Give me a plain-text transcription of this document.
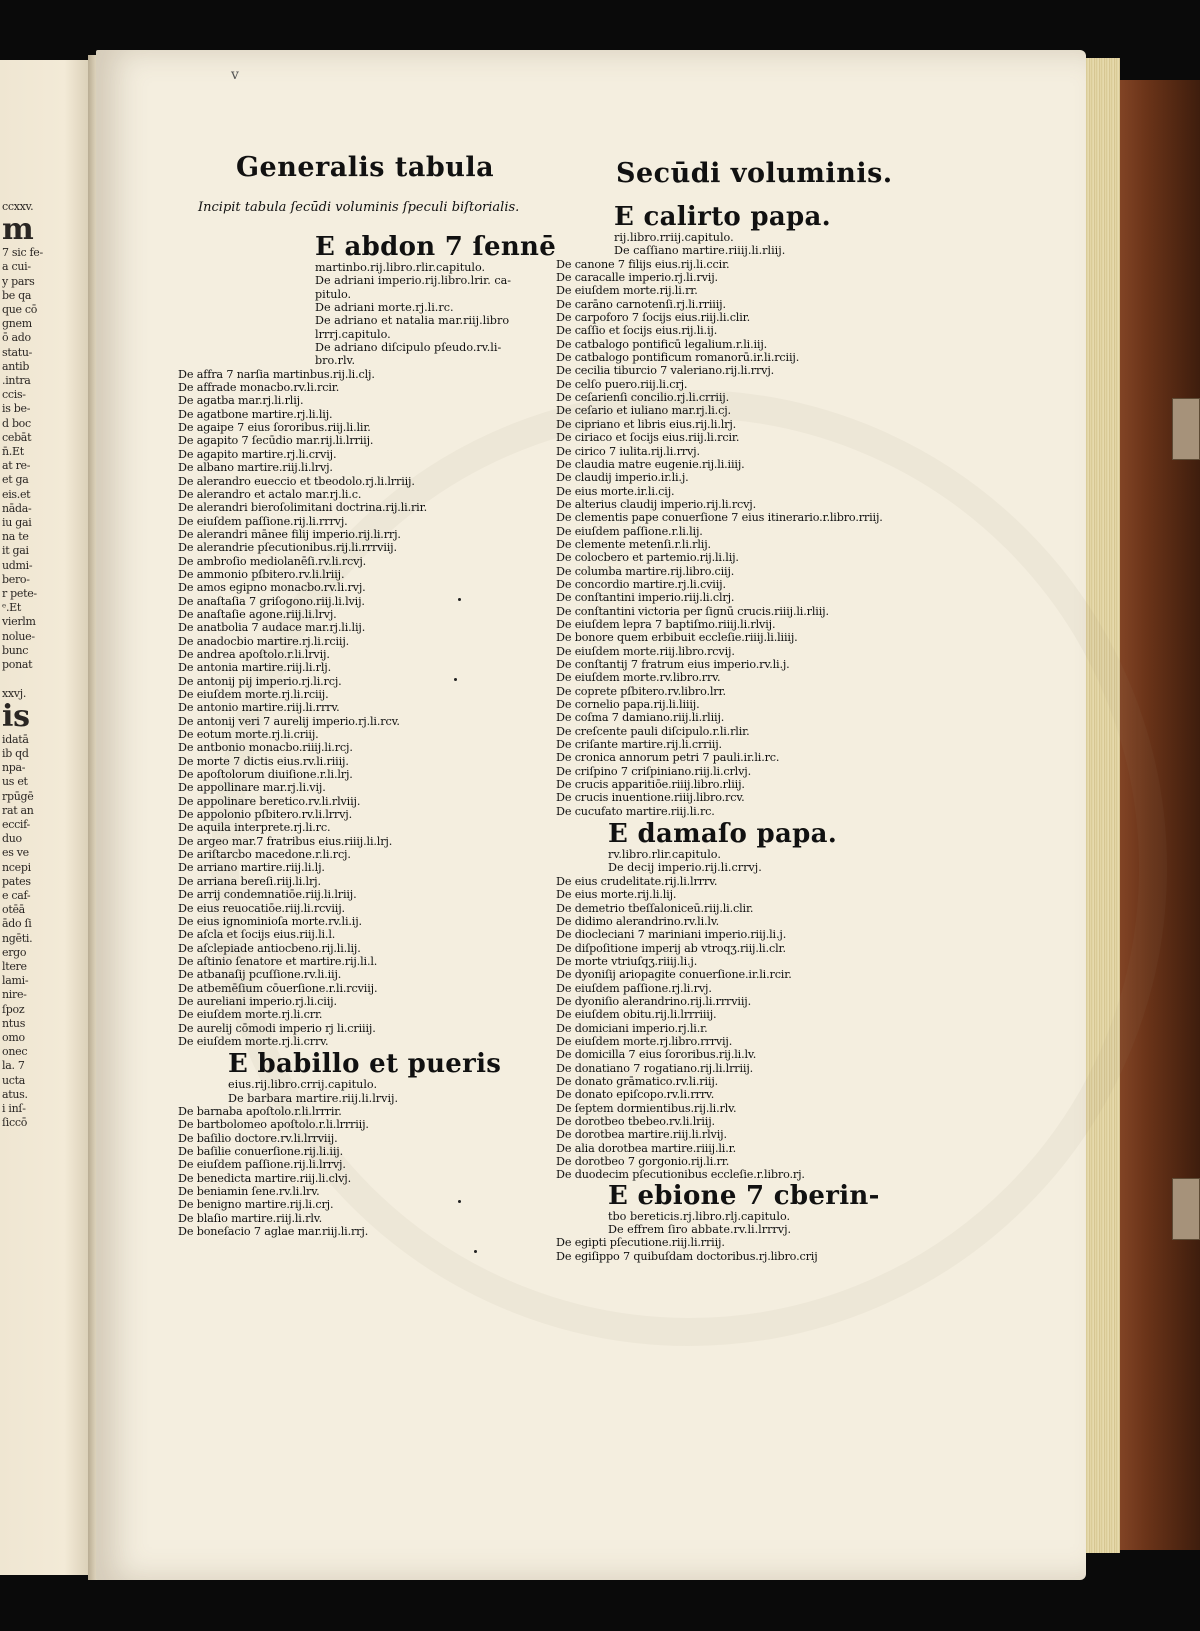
ccxxv.
m
7 sic fe-
a cui-
y pars
be qa
que cō
gnem
ō ado
statu-
antib
.intra
ccis-
is be-
d boc
cebāt
n̄.Et
at re-
et ga
eis.et
nāda-
iu gai
na te
it gai
udmi-
bero-
r pete-
ᵉ.Et
vierlm
nolue-
bunc
ponat

xxvj.
is
idatā
ib qd
npa-
us et
rpūgē
rat an
eccif-
duo
es ve
ncepi
pates
e caf-
otēā
ādo ſi
ngēti.
ergo
ltere
lami-
nire-
ſpoz
ntus
omo
onec
la. 7
ucta
atus.
i inſ-
ſiccō
v
Generalis tabula	Secūdi voluminis.
Incipit tabula ſecūdi voluminis ſpeculi biſtorialis.
E abdon 7 ſennē
martinbo.rij.libro.rlir.capitulo.
De adriani imperio.rij.libro.lrir. ca-
pitulo.
De adriani morte.rj.li.rc.
De adriano et natalia mar.riij.libro
lrrrj.capitulo.
De adriano diſcipulo pſeudo.rv.li-
bro.rlv.
De affra 7 narſia martinbus.rij.li.clj.
De affrade monacbo.rv.li.rcir.
De agatba mar.rj.li.rlij.
De agatbone martire.rj.li.lij.
De agaipe 7 eius ſororibus.riij.li.lir.
De agapito 7 ſecūdio mar.rij.li.lrriij.
De agapito martire.rj.li.crvij.
De albano martire.riij.li.lrvj.
De alerandro eueccio et tbeodolo.rj.li.lrriij.
De alerandro et actalo mar.rj.li.c.
De alerandri bieroſolimitani doctrina.rij.li.rir.
De eiuſdem paſſione.rij.li.rrrvj.
De alerandri mānee filij imperio.rij.li.rrj.
De alerandrie pſecutionibus.rij.li.rrrviij.
De ambroſio mediolanēſi.rv.li.rcvj.
De ammonio pſbitero.rv.li.lriij.
De amos egipno monacbo.rv.li.rvj.
De anaſtaſia 7 griſogono.riij.li.lvij.
De anaſtaſie agone.riij.li.lrvj.
De anatbolia 7 audace mar.rj.li.lij.
De anadocbio martire.rj.li.rciij.
De andrea apoſtolo.r.li.lrvij.
De antonia martire.riij.li.rlj.
De antonij pij imperio.rj.li.rcj.
De eiuſdem morte.rj.li.rciij.
De antonio martire.riij.li.rrrv.
De antonij veri 7 aurelij imperio.rj.li.rcv.
De eotum morte.rj.li.criij.
De antbonio monacbo.riiij.li.rcj.
De morte 7 dictis eius.rv.li.riiij.
De apoſtolorum diuiſione.r.li.lrj.
De appollinare mar.rj.li.vij.
De appolinare beretico.rv.li.rlviij.
De appolonio pſbitero.rv.li.lrrvj.
De aquila interprete.rj.li.rc.
De argeo mar.7 fratribus eius.riiij.li.lrj.
De ariſtarcbo macedone.r.li.rcj.
De arriano martire.riij.li.lj.
De arriana bereſi.riij.li.lrj.
De arrij condemnatiōe.riij.li.lriij.
De eius reuocatiōe.riij.li.rcviij.
De eius ignominioſa morte.rv.li.ij.
De aſcla et ſocijs eius.riij.li.l.
De aſclepiade antiocbeno.rij.li.lij.
De aſtinio ſenatore et martire.rij.li.l.
De atbanaſij pcuſſione.rv.li.iij.
De atbemēſium cōuerſione.r.li.rcviij.
De aureliani imperio.rj.li.ciij.
De eiuſdem morte.rj.li.crr.
De aurelij cōmodi imperio rj li.criiij.
De eiuſdem morte.rj.li.crrv.
E babillo et pueris
eius.rij.libro.crrij.capitulo.
De barbara martire.riij.li.lrvij.
De barnaba apoſtolo.r.li.lrrrir.
De bartbolomeo apoſtolo.r.li.lrrriij.
De baſilio doctore.rv.li.lrrviij.
De baſilie conuerſione.rij.li.iij.
De eiuſdem paſſione.rij.li.lrrvj.
De benedicta martire.riij.li.clvj.
De beniamin ſene.rv.li.lrv.
De benigno martire.rij.li.crj.
De blaſio martire.riij.li.rlv.
De boneſacio 7 aglae mar.riij.li.rrj.
E calirto papa.
rij.libro.rriij.capitulo.
De caſſiano martire.riiij.li.rliij.
De canone 7 filijs eius.rij.li.ccir.
De caracalle imperio.rj.li.rvij.
De eiuſdem morte.rij.li.rr.
De carāno carnotenſi.rj.li.rriiij.
De carpoforo 7 ſocijs eius.riij.li.clir.
De caſſio et ſocijs eius.rij.li.ij.
De catbalogo pontificū legalium.r.li.iij.
De catbalogo pontificum romanorū.ir.li.rciij.
De cecilia tiburcio 7 valeriano.rij.li.rrvj.
De celſo puero.riij.li.crj.
De ceſarienſi concilio.rj.li.crriij.
De ceſario et iuliano mar.rj.li.cj.
De cipriano et libris eius.rij.li.lrj.
De ciriaco et ſocijs eius.riij.li.rcir.
De cirico 7 iulita.rij.li.rrvj.
De claudia matre eugenie.rij.li.iiij.
De claudij imperio.ir.li.j.
De eius morte.ir.li.cij.
De alterius claudij imperio.rij.li.rcvj.
De clementis pape conuerſione 7 eius itinerario.r.libro.rriij.
De eiuſdem paſſione.r.li.lij.
De clemente metenſi.r.li.rlij.
De colocbero et partemio.rij.li.lij.
De columba martire.rij.libro.ciij.
De concordio martire.rj.li.cviij.
De conſtantini imperio.riij.li.clrj.
De conſtantini victoria per ſignū crucis.riiij.li.rliij.
De eiuſdem lepra 7 baptiſmo.riiij.li.rlvij.
De bonore quem erbibuit eccleſie.riiij.li.liiij.
De eiuſdem morte.riij.libro.rcvij.
De conſtantij 7 fratrum eius imperio.rv.li.j.
De eiuſdem morte.rv.libro.rrv.
De coprete pſbitero.rv.libro.lrr.
De cornelio papa.rij.li.liiij.
De coſma 7 damiano.riij.li.rliij.
De creſcente pauli diſcipulo.r.li.rlir.
De criſante martire.rij.li.crriij.
De cronica annorum petri 7 pauli.ir.li.rc.
De criſpino 7 criſpiniano.riij.li.crlvj.
De crucis apparitiōe.riiij.libro.rliij.
De crucis inuentione.riiij.libro.rcv.
De cucufato martire.riij.li.rc.
E damaſo papa.
rv.libro.rlir.capitulo.
De decij imperio.rij.li.crrvj.
De eius crudelitate.rij.li.lrrrv.
De eius morte.rij.li.lij.
De demetrio tbeſſaloniceū.riij.li.clir.
De didimo alerandrino.rv.li.lv.
De diocleciani 7 mariniani imperio.riij.li.j.
De diſpoſitione imperij ab vtroqʒ.riij.li.clr.
De morte vtriuſqʒ.riiij.li.j.
De dyoniſij ariopagite conuerſione.ir.li.rcir.
De eiuſdem paſſione.rj.li.rvj.
De dyoniſio alerandrino.rij.li.rrrviij.
De eiuſdem obitu.rij.li.lrrriiij.
De domiciani imperio.rj.li.r.
De eiuſdem morte.rj.libro.rrrvij.
De domicilla 7 eius ſororibus.rij.li.lv.
De donatiano 7 rogatiano.rij.li.lrriij.
De donato grāmatico.rv.li.riij.
De donato epiſcopo.rv.li.rrrv.
De ſeptem dormientibus.rij.li.rlv.
De dorotbeo tbebeo.rv.li.lriij.
De dorotbea martire.riij.li.rlvij.
De alia dorotbea martire.riiij.li.r.
De dorotbeo 7 gorgonio.rij.li.rr.
De duodecim pſecutionibus eccleſie.r.libro.rj.
E ebione 7 cberin-
tbo bereticis.rj.libro.rlj.capitulo.
De effrem ſiro abbate.rv.li.lrrrvj.
De egipti pſecutione.riij.li.rriij.
De egiſippo 7 quibuſdam doctoribus.rj.libro.crij
